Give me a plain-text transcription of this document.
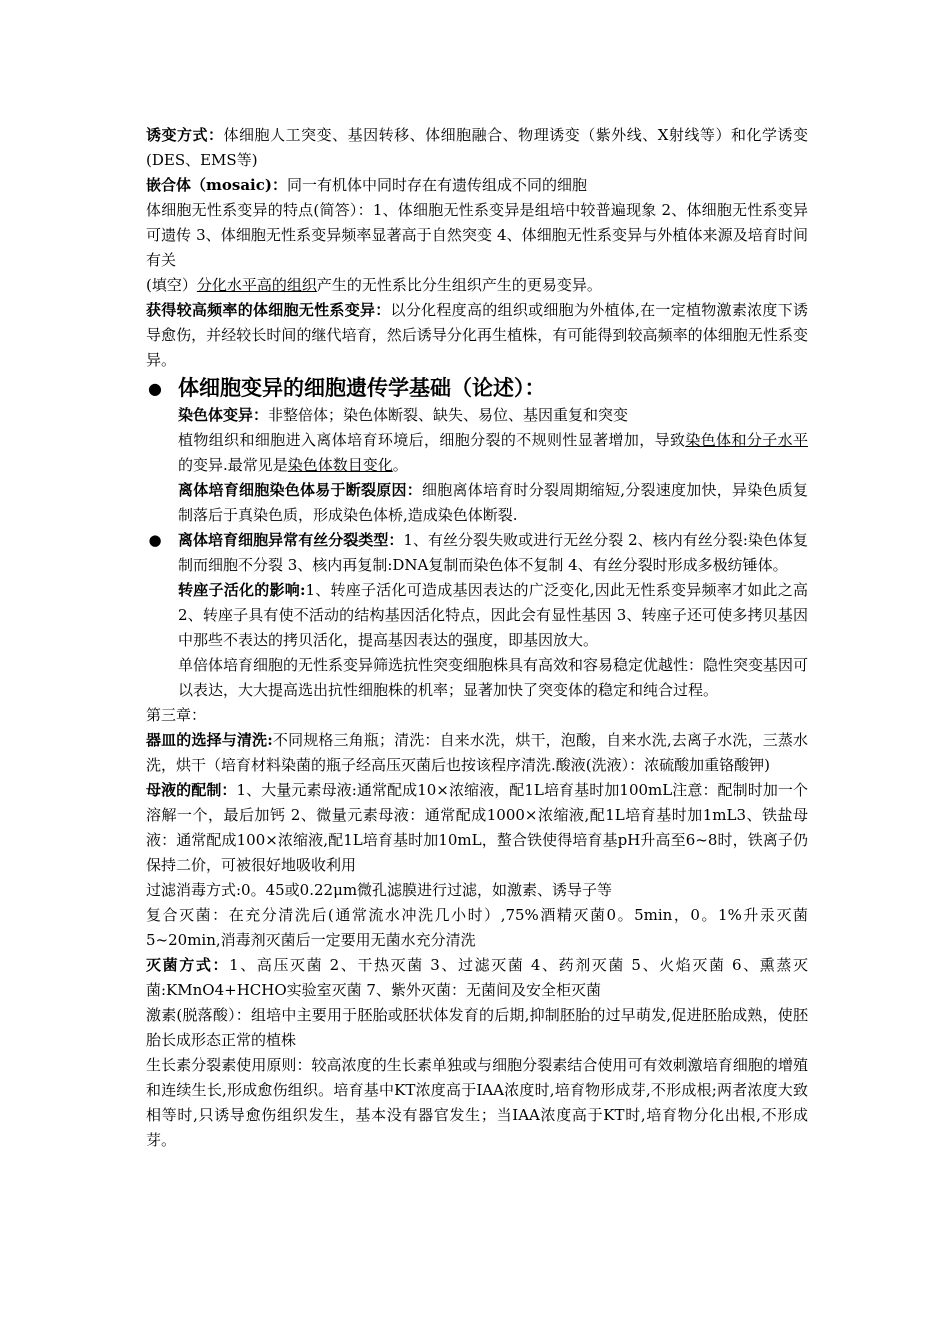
诱变方式：体细胞人工突变、基因转移、体细胞融合、物理诱变（紫外线、X射线等）和化学诱变(DES、EMS等)

嵌合体（mosaic)：同一有机体中同时存在有遗传组成不同的细胞

体细胞无性系变异的特点(简答）：1、体细胞无性系变异是组培中较普遍现象 2、体细胞无性系变异可遗传 3、体细胞无性系变异频率显著高于自然突变 4、体细胞无性系变异与外植体来源及培育时间有关

(填空）分化水平高的组织产生的无性系比分生组织产生的更易变异。

获得较高频率的体细胞无性系变异：以分化程度高的组织或细胞为外植体,在一定植物激素浓度下诱导愈伤，并经较长时间的继代培育，然后诱导分化再生植株，有可能得到较高频率的体细胞无性系变异。

● 体细胞变异的细胞遗传学基础（论述）：

染色体变异：非整倍体；染色体断裂、缺失、易位、基因重复和突变

植物组织和细胞进入离体培育环境后，细胞分裂的不规则性显著增加，导致染色体和分子水平的变异.最常见是染色体数目变化。

离体培育细胞染色体易于断裂原因：细胞离体培育时分裂周期缩短,分裂速度加快，异染色质复制落后于真染色质，形成染色体桥,造成染色体断裂.

● 离体培育细胞异常有丝分裂类型：1、有丝分裂失败或进行无丝分裂 2、核内有丝分裂:染色体复制而细胞不分裂 3、核内再复制:DNA复制而染色体不复制 4、有丝分裂时形成多极纺锤体。

转座子活化的影响:1、转座子活化可造成基因表达的广泛变化,因此无性系变异频率才如此之高 2、转座子具有使不活动的结构基因活化特点，因此会有显性基因 3、转座子还可使多拷贝基因中那些不表达的拷贝活化，提高基因表达的强度，即基因放大。

单倍体培育细胞的无性系变异筛选抗性突变细胞株具有高效和容易稳定优越性：隐性突变基因可以表达，大大提高选出抗性细胞株的机率；显著加快了突变体的稳定和纯合过程。

第三章：

器皿的选择与清洗:不同规格三角瓶；清洗：自来水洗，烘干，泡酸，自来水洗,去离子水洗，三蒸水洗，烘干（培育材料染菌的瓶子经高压灭菌后也按该程序清洗.酸液(洗液）：浓硫酸加重铬酸钾)

母液的配制：1、大量元素母液:通常配成10×浓缩液，配1L培育基时加100mL注意：配制时加一个溶解一个，最后加钙 2、微量元素母液：通常配成1000×浓缩液,配1L培育基时加1mL3、铁盐母液：通常配成100×浓缩液,配1L培育基时加10mL，螯合铁使得培育基pH升高至6~8时，铁离子仍保持二价，可被很好地吸收利用

过滤消毒方式:0。45或0.22μm微孔滤膜进行过滤，如激素、诱导子等

复合灭菌：在充分清洗后(通常流水冲洗几小时）,75%酒精灭菌0。5min，0。1%升汞灭菌5~20min,消毒剂灭菌后一定要用无菌水充分清洗

灭菌方式：1、高压灭菌 2、干热灭菌 3、过滤灭菌 4、药剂灭菌 5、火焰灭菌 6、熏蒸灭菌:KMnO4+HCHO实验室灭菌 7、紫外灭菌：无菌间及安全柜灭菌

激素(脱落酸）：组培中主要用于胚胎或胚状体发育的后期,抑制胚胎的过早萌发,促进胚胎成熟，使胚胎长成形态正常的植株

生长素分裂素使用原则：较高浓度的生长素单独或与细胞分裂素结合使用可有效刺激培育细胞的增殖和连续生长,形成愈伤组织。培育基中KT浓度高于IAA浓度时,培育物形成芽,不形成根;两者浓度大致相等时,只诱导愈伤组织发生，基本没有器官发生；当IAA浓度高于KT时,培育物分化出根,不形成芽。
